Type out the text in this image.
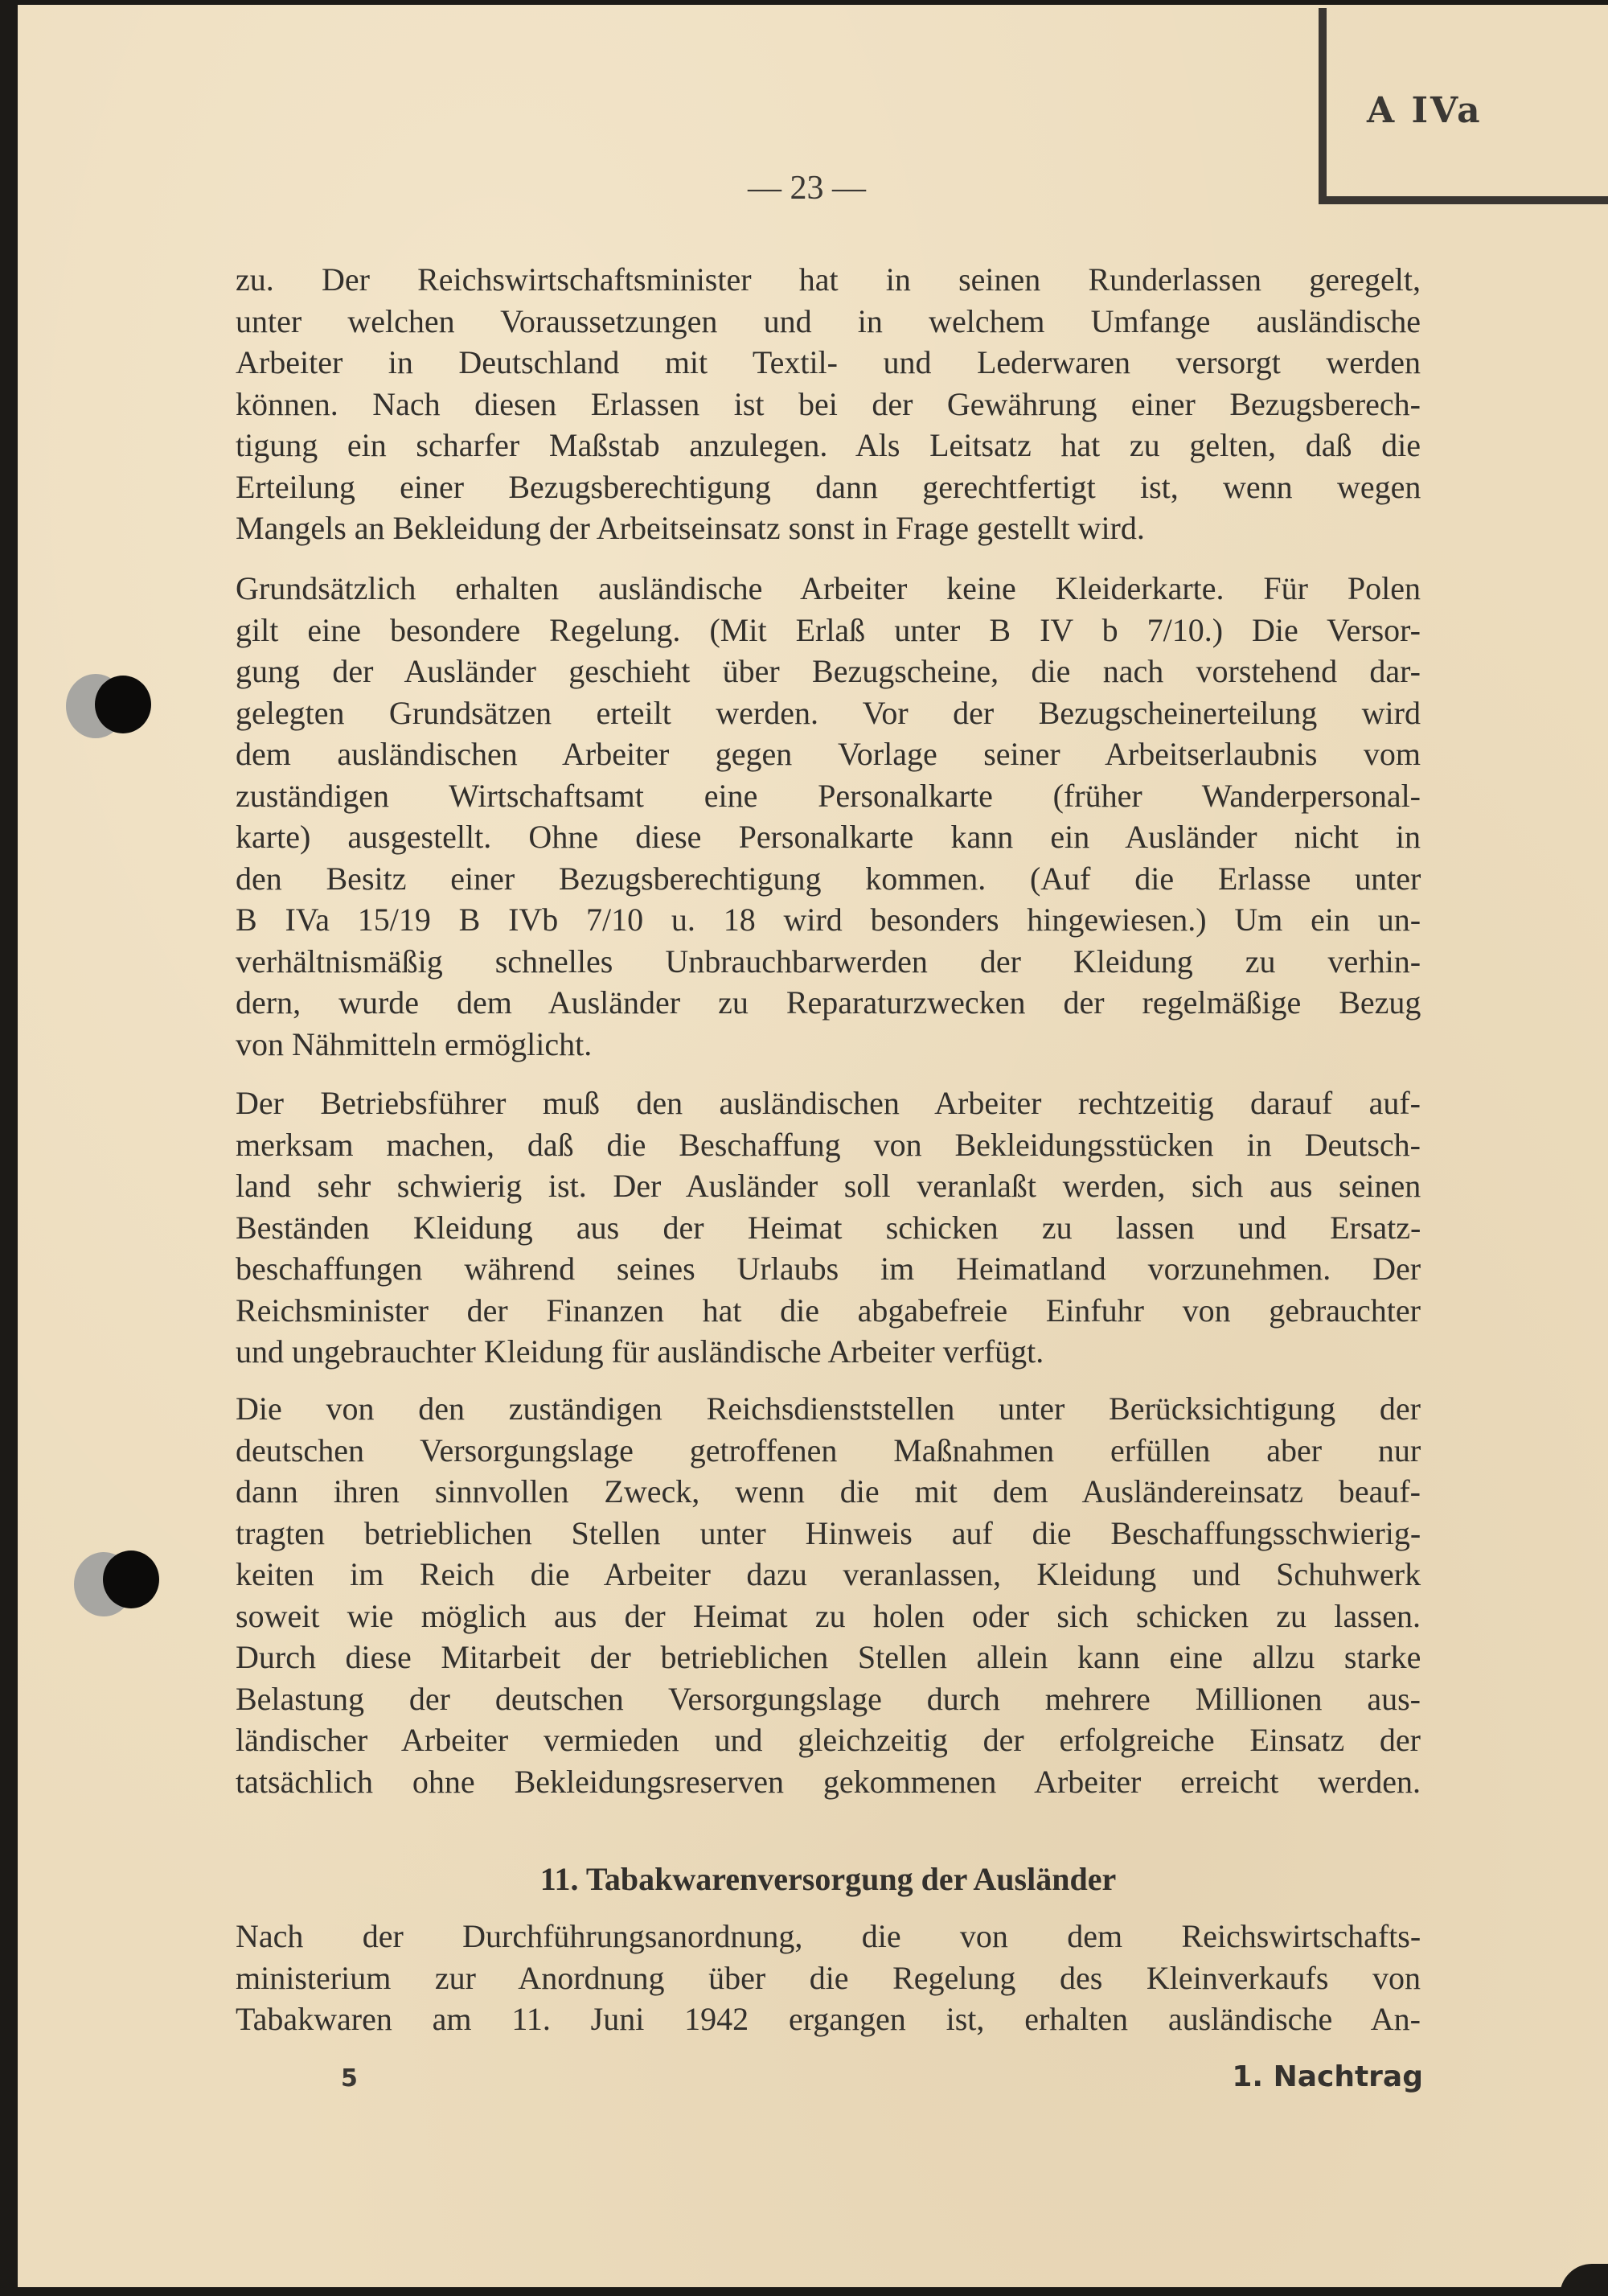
A IVa
— 23 —
zu. Der Reichswirtschaftsminister hat in seinen Runderlassen geregelt,
unter welchen Voraussetzungen und in welchem Umfange ausländische
Arbeiter in Deutschland mit Textil- und Lederwaren versorgt werden
können. Nach diesen Erlassen ist bei der Gewährung einer Bezugsberech-
tigung ein scharfer Maßstab anzulegen. Als Leitsatz hat zu gelten, daß die
Erteilung einer Bezugsberechtigung dann gerechtfertigt ist, wenn wegen
Mangels an Bekleidung der Arbeitseinsatz sonst in Frage gestellt wird.
Grundsätzlich erhalten ausländische Arbeiter keine Kleiderkarte. Für Polen
gilt eine besondere Regelung. (Mit Erlaß unter B IV b 7/10.) Die Versor-
gung der Ausländer geschieht über Bezugscheine, die nach vorstehend dar-
gelegten Grundsätzen erteilt werden. Vor der Bezugscheinerteilung wird
dem ausländischen Arbeiter gegen Vorlage seiner Arbeitserlaubnis vom
zuständigen Wirtschaftsamt eine Personalkarte (früher Wanderpersonal-
karte) ausgestellt. Ohne diese Personalkarte kann ein Ausländer nicht in
den Besitz einer Bezugsberechtigung kommen. (Auf die Erlasse unter
B IVa 15/19 B IVb 7/10 u. 18 wird besonders hingewiesen.) Um ein un-
verhältnismäßig schnelles Unbrauchbarwerden der Kleidung zu verhin-
dern, wurde dem Ausländer zu Reparaturzwecken der regelmäßige Bezug
von Nähmitteln ermöglicht.
Der Betriebsführer muß den ausländischen Arbeiter rechtzeitig darauf auf-
merksam machen, daß die Beschaffung von Bekleidungsstücken in Deutsch-
land sehr schwierig ist. Der Ausländer soll veranlaßt werden, sich aus seinen
Beständen Kleidung aus der Heimat schicken zu lassen und Ersatz-
beschaffungen während seines Urlaubs im Heimatland vorzunehmen. Der
Reichsminister der Finanzen hat die abgabefreie Einfuhr von gebrauchter
und ungebrauchter Kleidung für ausländische Arbeiter verfügt.
Die von den zuständigen Reichsdienststellen unter Berücksichtigung der
deutschen Versorgungslage getroffenen Maßnahmen erfüllen aber nur
dann ihren sinnvollen Zweck, wenn die mit dem Ausländereinsatz beauf-
tragten betrieblichen Stellen unter Hinweis auf die Beschaffungsschwierig-
keiten im Reich die Arbeiter dazu veranlassen, Kleidung und Schuhwerk
soweit wie möglich aus der Heimat zu holen oder sich schicken zu lassen.
Durch diese Mitarbeit der betrieblichen Stellen allein kann eine allzu starke
Belastung der deutschen Versorgungslage durch mehrere Millionen aus-
ländischer Arbeiter vermieden und gleichzeitig der erfolgreiche Einsatz der
tatsächlich ohne Bekleidungsreserven gekommenen Arbeiter erreicht werden.
11. Tabakwarenversorgung der Ausländer
Nach der Durchführungsanordnung, die von dem Reichswirtschafts-
ministerium zur Anordnung über die Regelung des Kleinverkaufs von
Tabakwaren am 11. Juni 1942 ergangen ist, erhalten ausländische An-
5	1. Nachtrag
